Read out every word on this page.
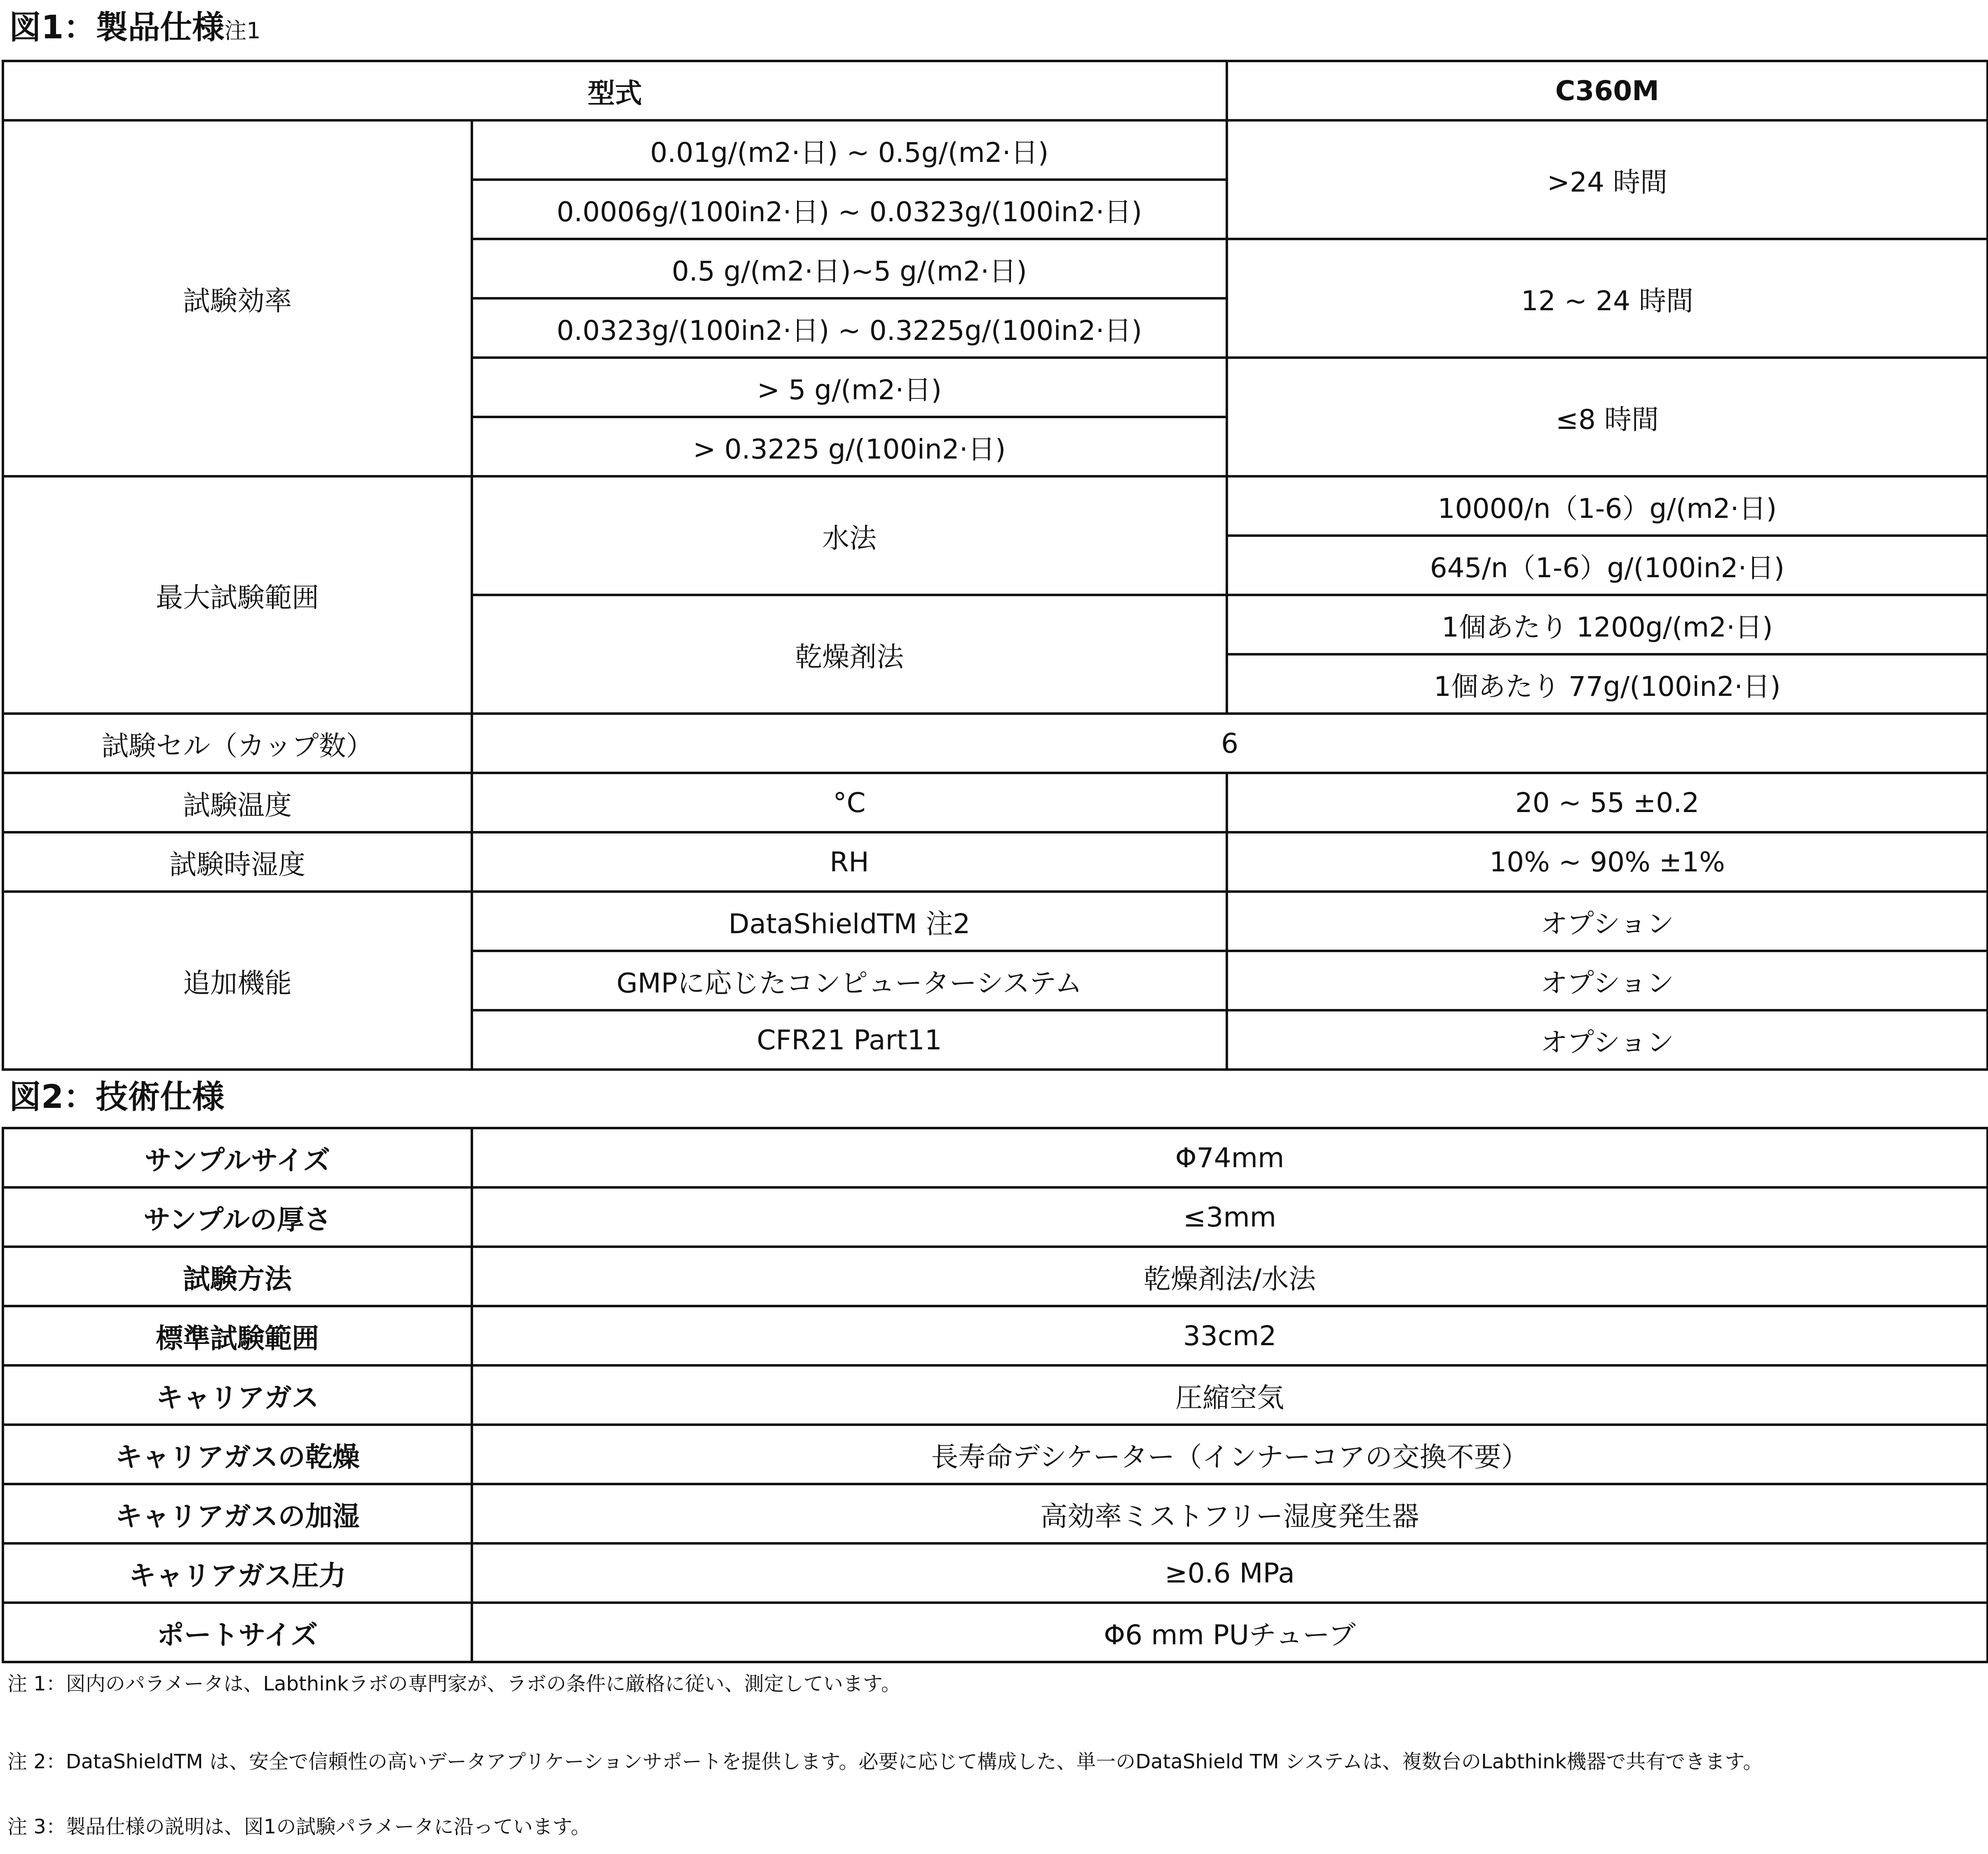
図1：製品仕様注1
型式		C360M
試験効率	0.01g/(m2·日) ~ 0.5g/(m2·日)	>24 時間
	0.0006g/(100in2·日) ~ 0.0323g/(100in2·日)	
	0.5 g/(m2·日)~5 g/(m2·日)	12 ~ 24 時間
	0.0323g/(100in2·日) ~ 0.3225g/(100in2·日)	
	> 5 g/(m2·日)	≤8 時間
	> 0.3225 g/(100in2·日)	
最大試験範囲	水法	10000/n（1-6）g/(m2·日)
		645/n（1-6）g/(100in2·日)
	乾燥剤法	1個あたり 1200g/(m2·日)
		1個あたり 77g/(100in2·日)
試験セル（カップ数）	6	
試験温度	°C	20 ~ 55 ±0.2
試験時湿度	RH	10% ~ 90% ±1%
追加機能	DataShieldTM 注2	オプション
	GMPに応じたコンピューターシステム	オプション
	CFR21 Part11	オプション
図2：技術仕様
サンプルサイズ	Φ74mm
サンプルの厚さ	≤3mm
試験方法	乾燥剤法/水法
標準試験範囲	33cm2
キャリアガス	圧縮空気
キャリアガスの乾燥	長寿命デシケーター（インナーコアの交換不要）
キャリアガスの加湿	高効率ミストフリー湿度発生器
キャリアガス圧力	≥0.6 MPa
ポートサイズ	Φ6 mm PUチューブ

注 1：図内のパラメータは、Labthinkラボの専門家が、ラボの条件に厳格に従い、測定しています。

注 2：DataShieldTM は、安全で信頼性の高いデータアプリケーションサポートを提供します。必要に応じて構成した、単一のDataShield TM システムは、複数台のLabthink機器で共有できます。

注 3：製品仕様の説明は、図1の試験パラメータに沿っています。
